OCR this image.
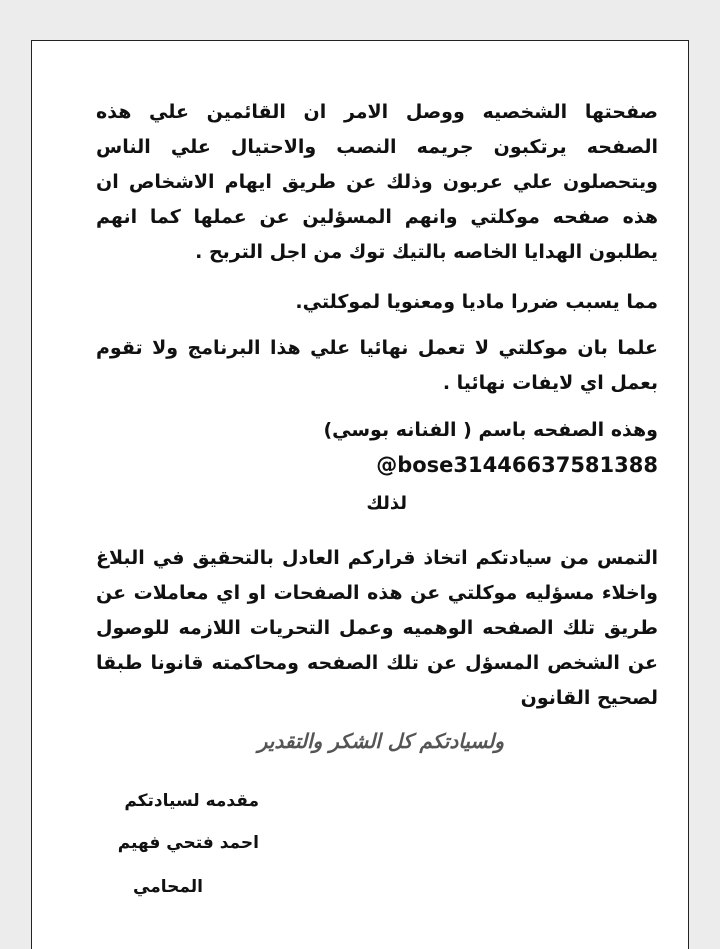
صفحتها الشخصيه ووصل الامر ان القائمين علي هذه الصفحه يرتكبون جريمه النصب والاحتيال علي الناس ويتحصلون علي عربون وذلك عن طريق ايهام الاشخاص ان هذه صفحه موكلتي وانهم المسؤلين عن عملها كما انهم يطلبون الهدايا الخاصه بالتيك توك من اجل التربح .
مما يسبب ضررا ماديا ومعنويا لموكلتي.
علما بان موكلتي لا تعمل نهائيا علي هذا البرنامج ولا تقوم بعمل اي لايفات نهائيا .
وهذه الصفحه باسم ( الفنانه بوسي)
@bose31446637581388
لذلك
التمس من سيادتكم اتخاذ قراركم العادل بالتحقيق في البلاغ واخلاء مسؤليه موكلتي عن هذه الصفحات او اي معاملات عن طريق تلك الصفحه الوهميه وعمل التحريات اللازمه للوصول عن الشخص المسؤل عن تلك الصفحه ومحاكمته قانونا طبقا لصحيح القانون
ولسيادتكم كل الشكر والتقدير
مقدمه لسيادتكم
احمد فتحي فهيم
المحامي
